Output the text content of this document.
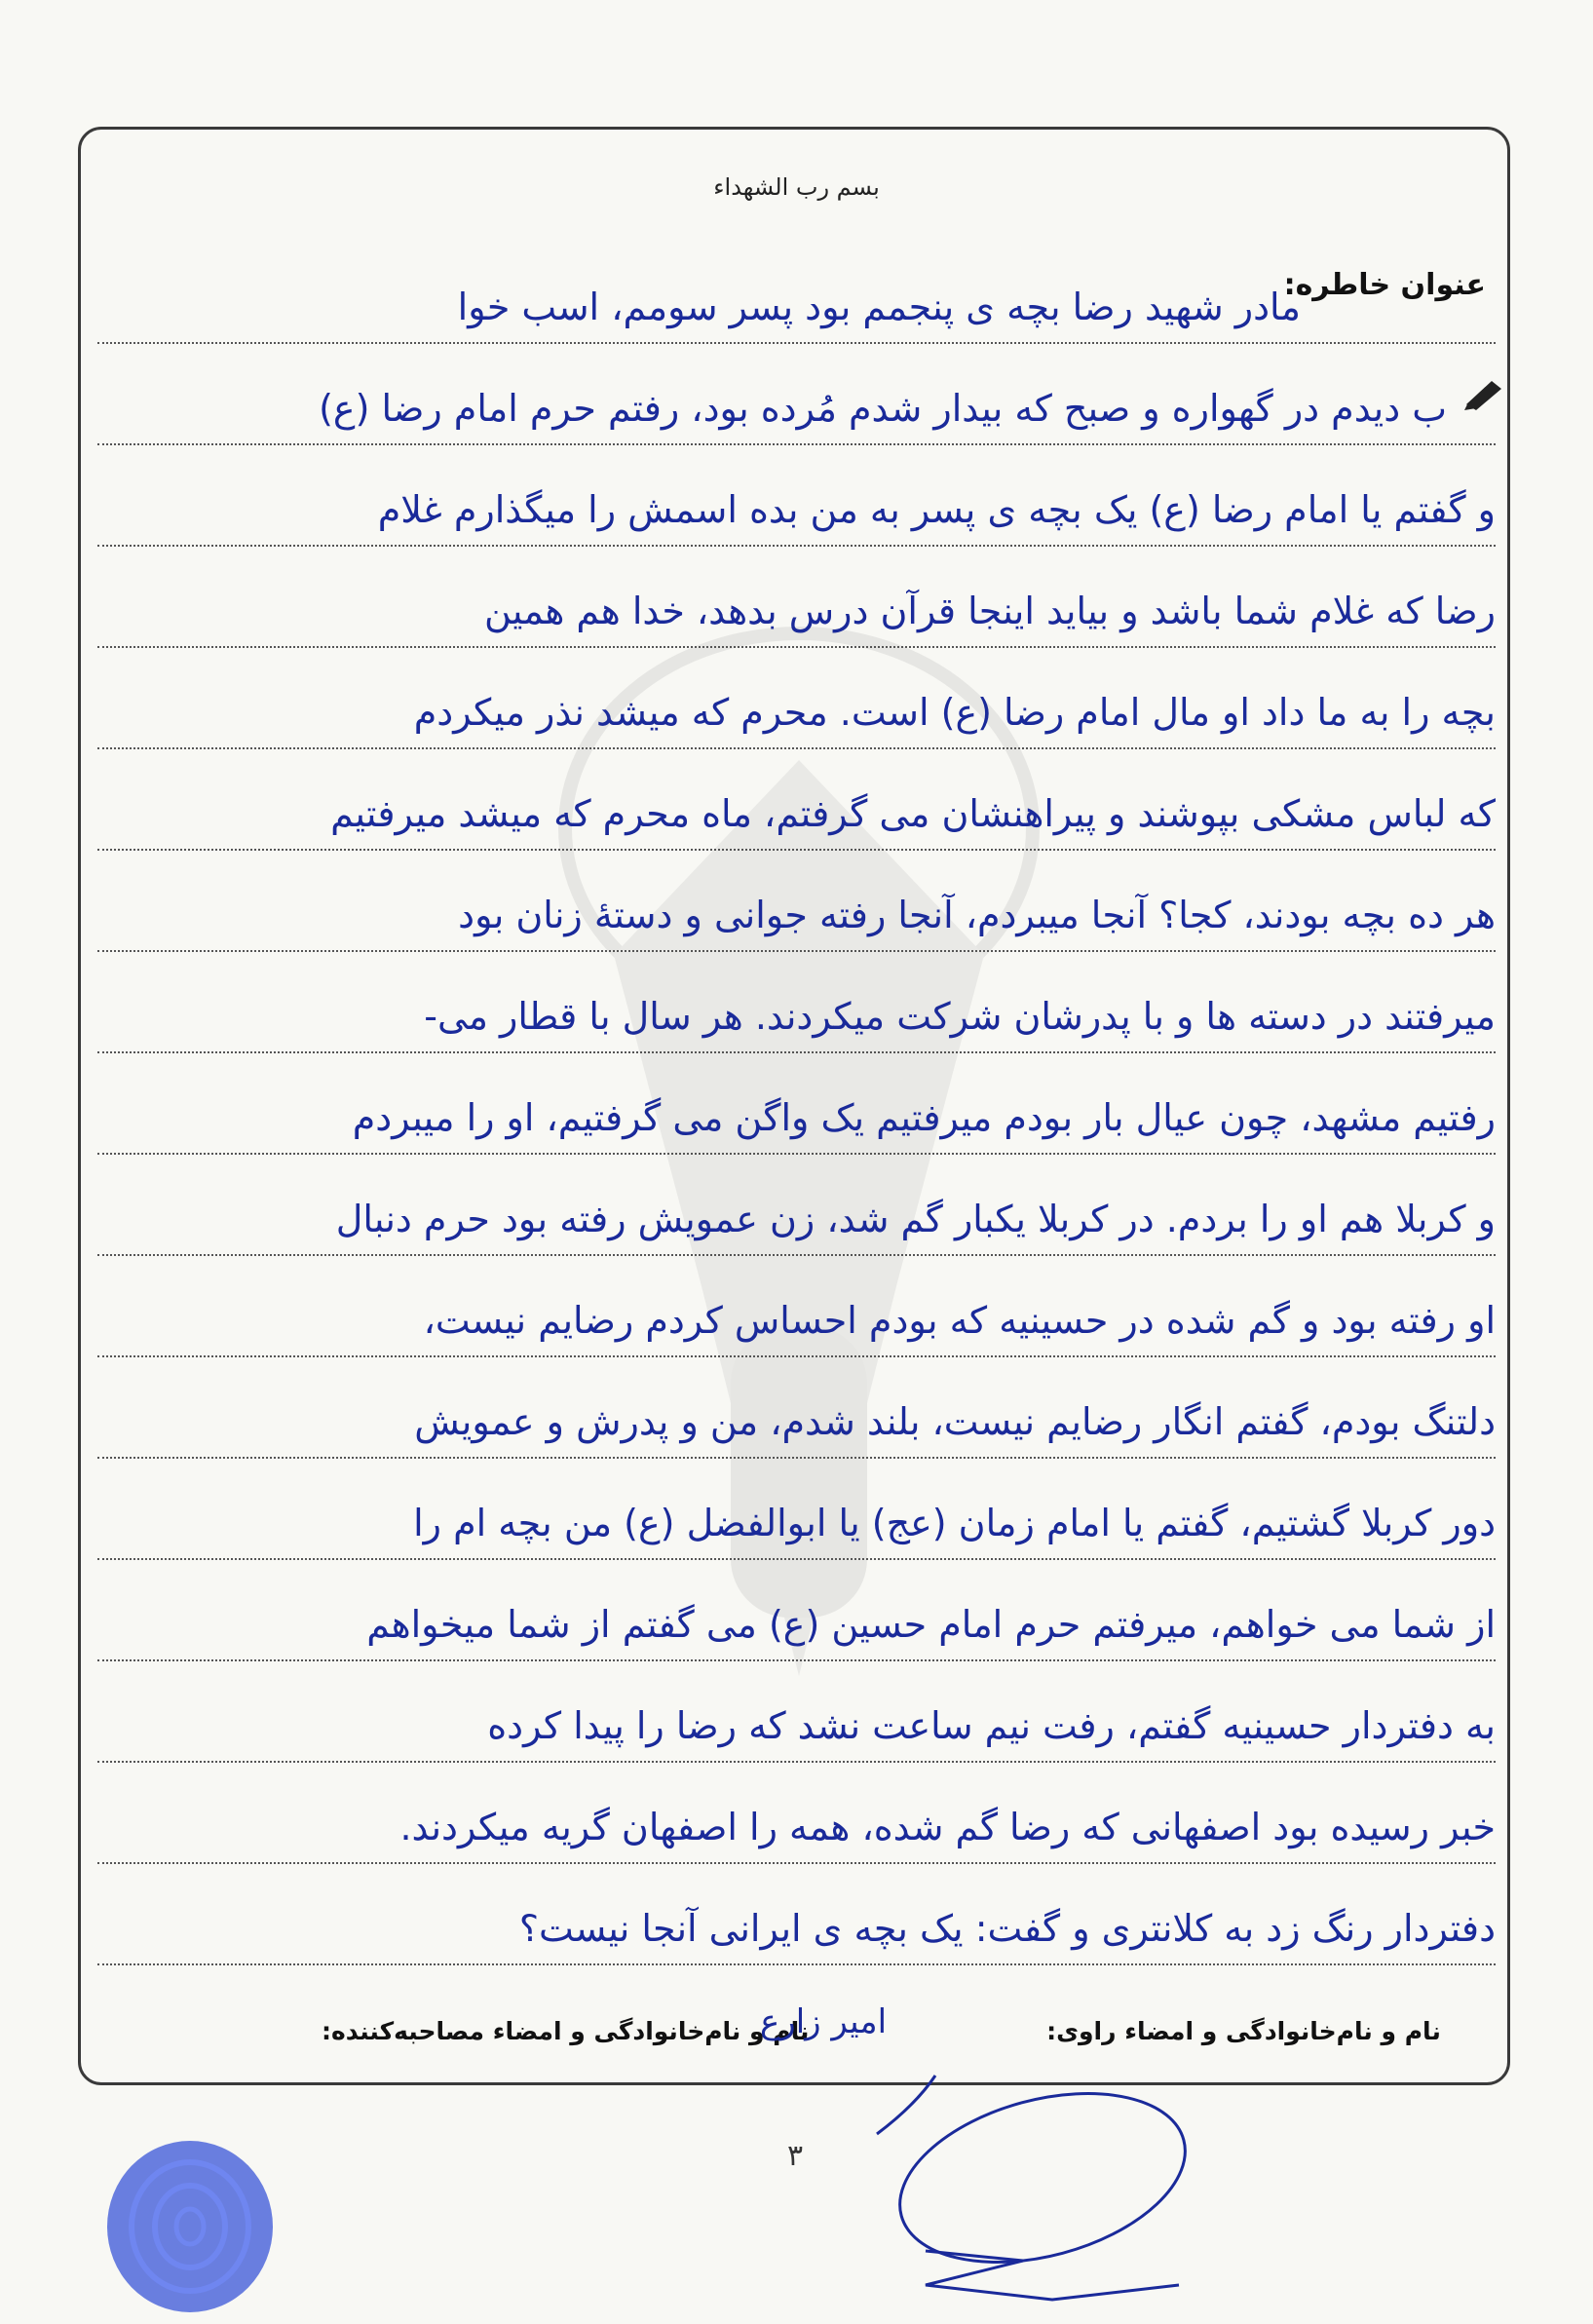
بسم رب الشهداء
عنوان خاطره:
مادر شهید رضا بچه ی پنجمم بود پسر سومم، اسب خوا
ب دیدم در گهواره و صبح که بیدار شدم مُرده بود، رفتم حرم امام رضا (ع)
و گفتم یا امام رضا (ع) یک بچه ی پسر به من بده اسمش را میگذارم غلام
رضا که غلام شما باشد و بیاید اینجا قرآن درس بدهد، خدا هم همین
بچه را به ما داد او مال امام رضا (ع) است. محرم که میشد نذر میکردم
که لباس مشکی بپوشند و پیراهنشان می گرفتم، ماه محرم که میشد میرفتیم
هر ده بچه بودند، کجا؟ آنجا میبردم، آنجا رفته جوانی و دستهٔ زنان بود
میرفتند در دسته ها و با پدرشان شرکت میکردند. هر سال با قطار می-
رفتیم مشهد، چون عیال بار بودم میرفتیم یک واگن می گرفتیم، او را میبردم
و کربلا هم او را بردم. در کربلا یکبار گم شد، زن عمویش رفته بود حرم دنبال
او رفته بود و گم شده در حسینیه که بودم احساس کردم رضایم نیست،
دلتنگ بودم، گفتم انگار رضایم نیست، بلند شدم، من و پدرش و عمویش
دور کربلا گشتیم، گفتم یا امام زمان (عج) یا ابوالفضل (ع) من بچه ام را
از شما می خواهم، میرفتم حرم امام حسین (ع) می گفتم از شما میخواهم
به دفتردار حسینیه گفتم، رفت نیم ساعت نشد که رضا را پیدا کرده
خبر رسیده بود اصفهانی که رضا گم شده، همه را اصفهان گریه میکردند.
دفتردار رنگ زد به کلانتری و گفت: یک بچه ی ایرانی آنجا نیست؟
نام و نام‌خانوادگی و امضاء راوی:                            نام و نام‌خانوادگی و امضاء مصاحبه‌کننده:
امیر زارع
۳
